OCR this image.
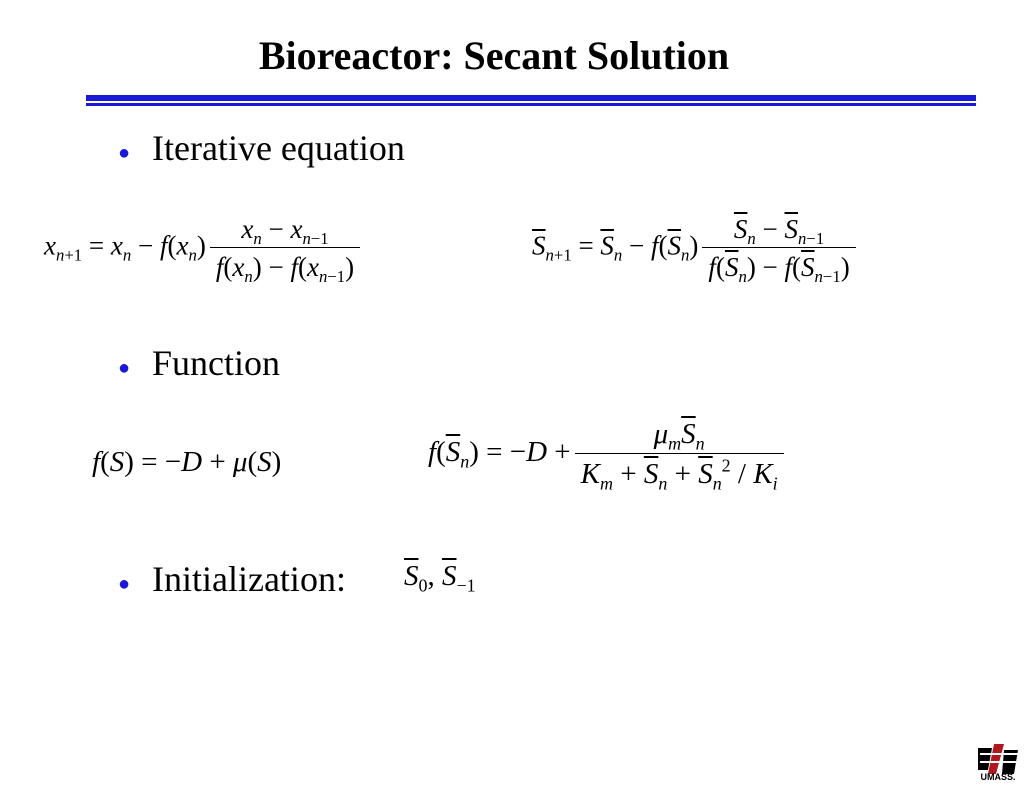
Bioreactor: Secant Solution
● Iterative equation
$x_{n+1} = x_n - f(x_n) \frac{x_n - x_{n-1}}{f(x_n) - f(x_{n-1})}$	$\overline{S}_{n+1} = \overline{S}_n - f(\overline{S}_n) \frac{\overline{S}_n - \overline{S}_{n-1}}{f(\overline{S}_n) - f(\overline{S}_{n-1})}$
● Function
f(S) = −D + μ(S)	$f(\overline{S}_n) = -D + \frac{\mu_m\overline{S}_n}{K_m + \overline{S}_n + \overline{S}_n^2 / K_i}$
● Initialization: $\overline{S}_0$, $\overline{S}_{-1}$
UMASS.
